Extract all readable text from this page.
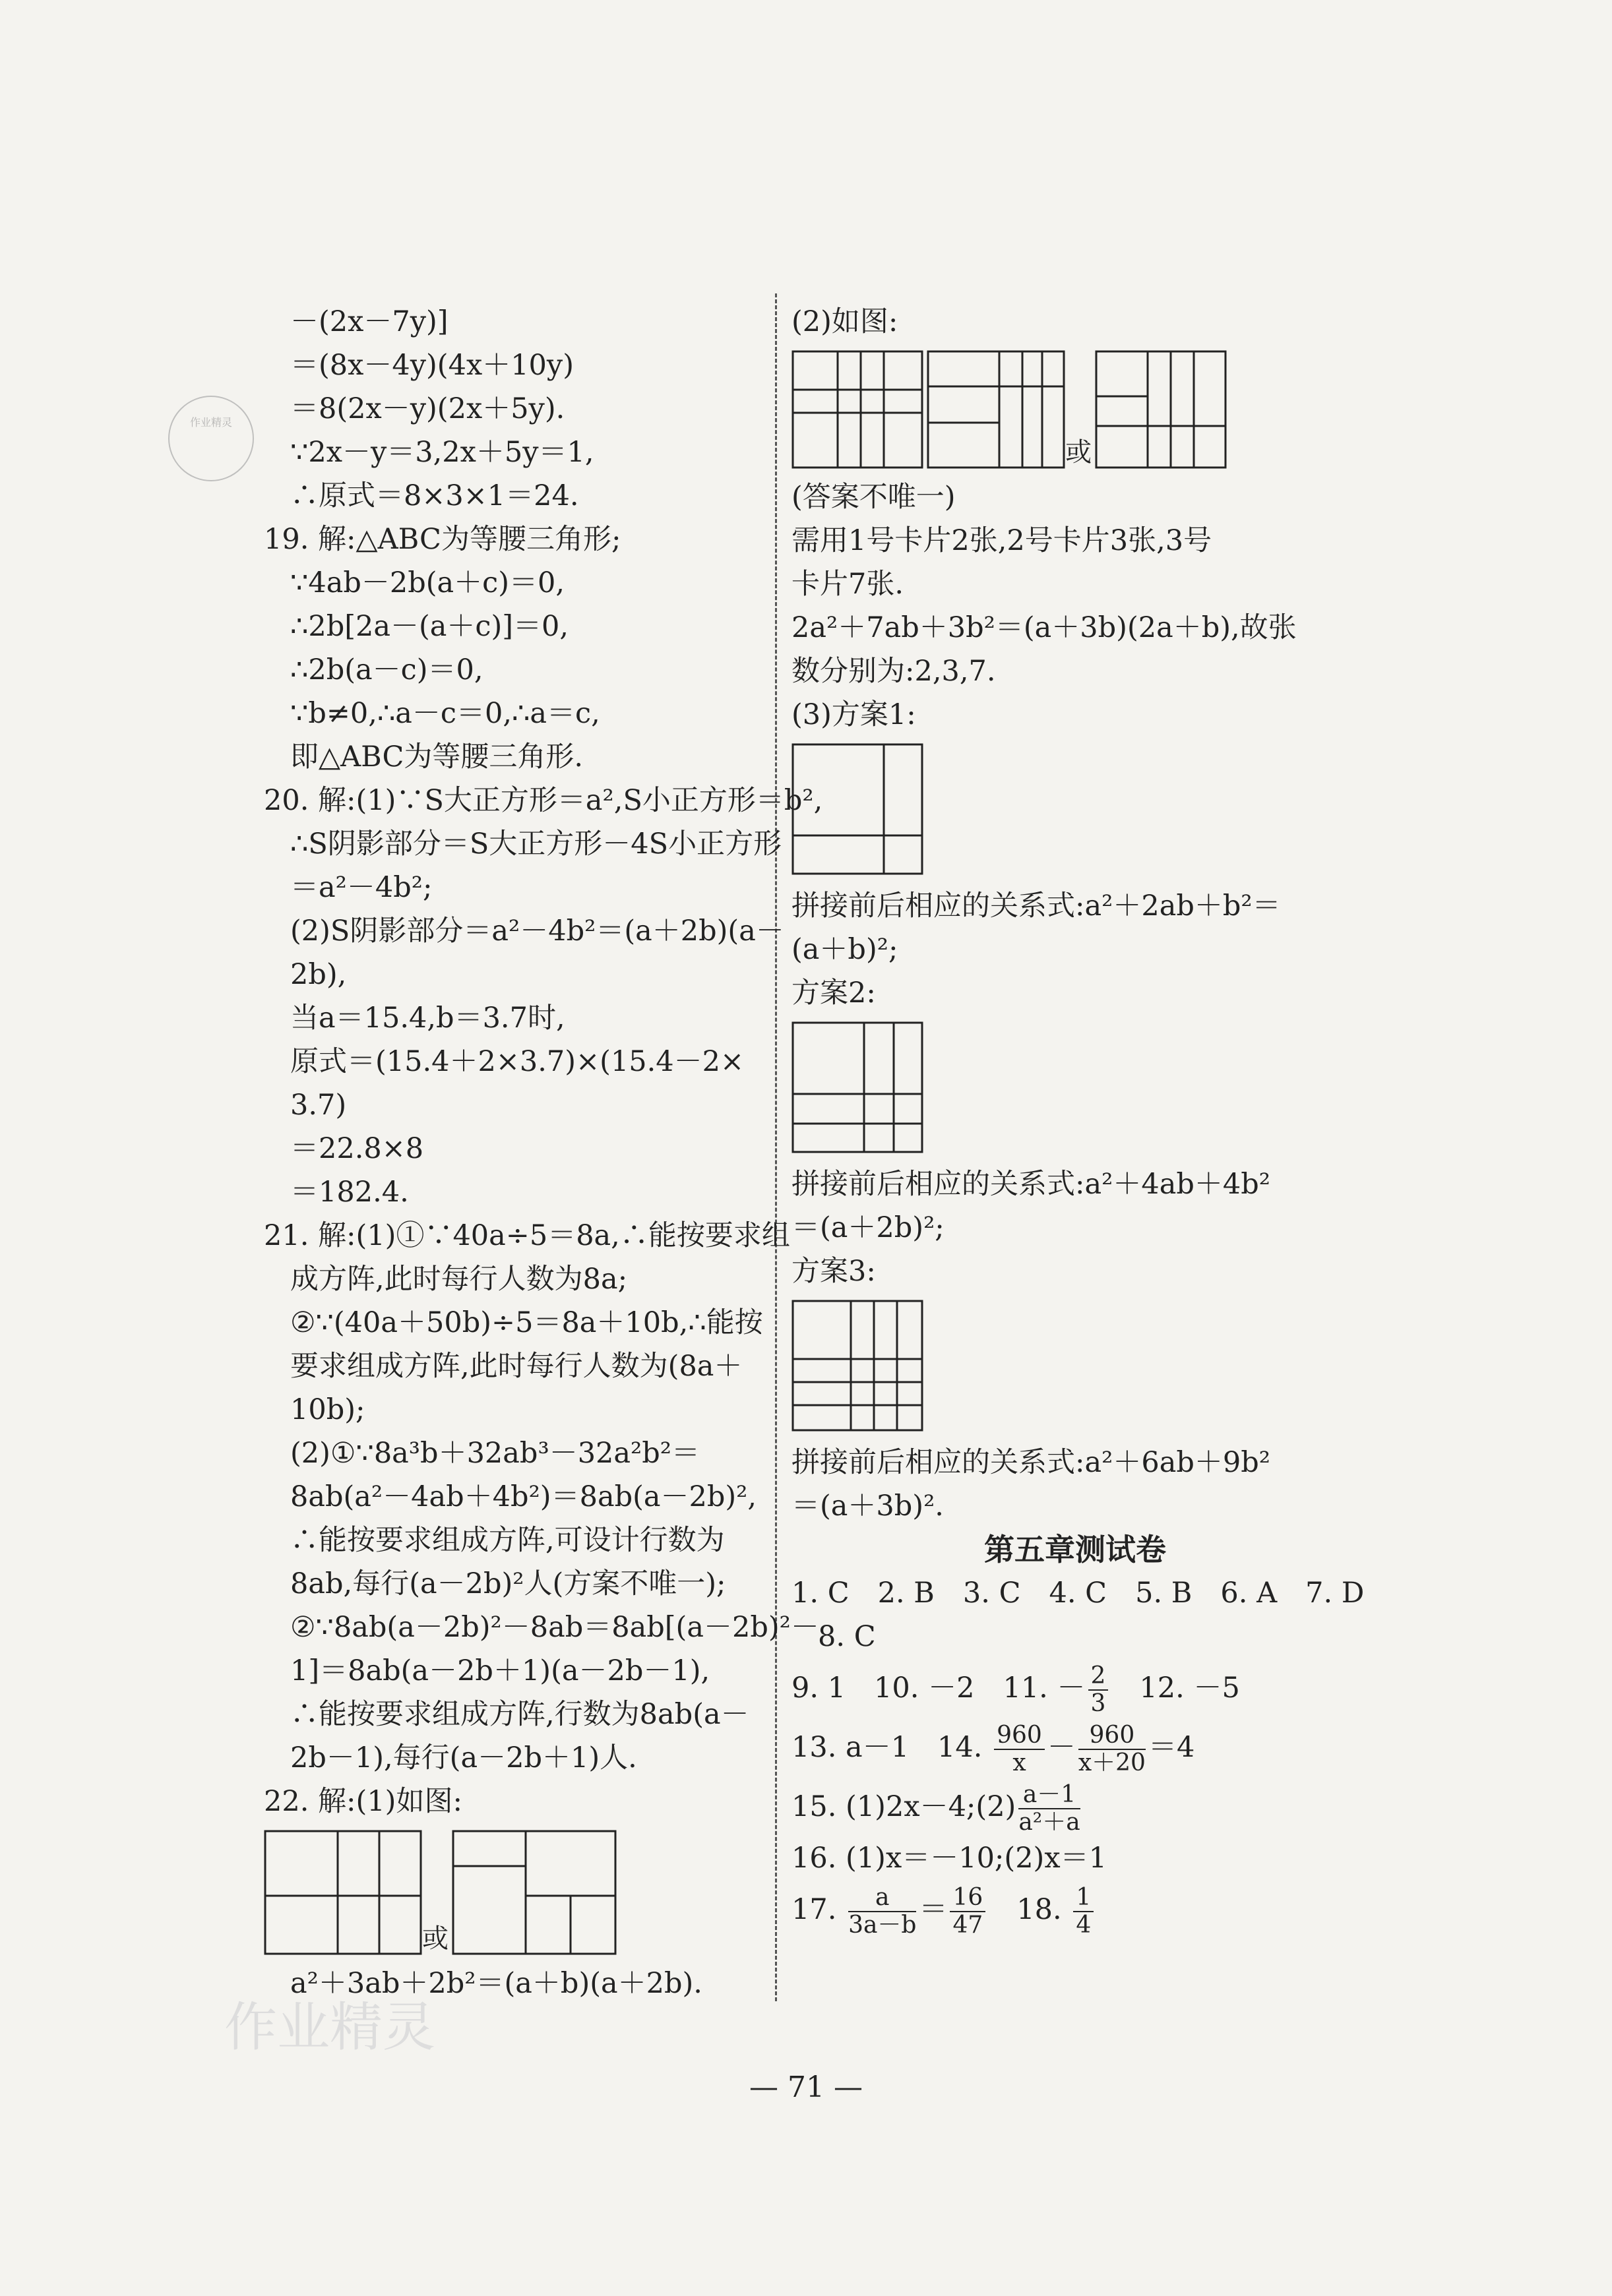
作业精灵
作业精灵
－(2x－7y)]
＝(8x－4y)(4x＋10y)
＝8(2x－y)(2x＋5y).
∵2x－y＝3,2x＋5y＝1,
∴原式＝8×3×1＝24.
19. 解:△ABC为等腰三角形;
∵4ab－2b(a＋c)＝0,
∴2b[2a－(a＋c)]＝0,
∴2b(a－c)＝0,
∵b≠0,∴a－c＝0,∴a＝c,
即△ABC为等腰三角形.
20. 解:(1)∵S大正方形＝a²,S小正方形＝b²,
∴S阴影部分＝S大正方形－4S小正方形
＝a²－4b²;
(2)S阴影部分＝a²－4b²＝(a＋2b)(a－
2b),
当a＝15.4,b＝3.7时,
原式＝(15.4＋2×3.7)×(15.4－2×
3.7)
＝22.8×8
＝182.4.
21. 解:(1)①∵40a÷5＝8a,∴能按要求组
成方阵,此时每行人数为8a;
②∵(40a＋50b)÷5＝8a＋10b,∴能按
要求组成方阵,此时每行人数为(8a＋
10b);
(2)①∵8a³b＋32ab³－32a²b²＝
8ab(a²－4ab＋4b²)＝8ab(a－2b)²,
∴能按要求组成方阵,可设计行数为
8ab,每行(a－2b)²人(方案不唯一);
②∵8ab(a－2b)²－8ab＝8ab[(a－2b)²－
1]＝8ab(a－2b＋1)(a－2b－1),
∴能按要求组成方阵,行数为8ab(a－
2b－1),每行(a－2b＋1)人.
22. 解:(1)如图:
或
a²＋3ab＋2b²＝(a＋b)(a＋2b).
(2)如图:
或
(答案不唯一)
需用1号卡片2张,2号卡片3张,3号
卡片7张.
2a²＋7ab＋3b²＝(a＋3b)(2a＋b),故张
数分别为:2,3,7.
(3)方案1:
拼接前后相应的关系式:a²＋2ab＋b²＝
(a＋b)²;
方案2:
拼接前后相应的关系式:a²＋4ab＋4b²
＝(a＋2b)²;
方案3:
拼接前后相应的关系式:a²＋6ab＋9b²
＝(a＋3b)².
第五章测试卷
1. C　2. B　3. C　4. C　5. B　6. A　7. D
8. C
9. 1　10. －2　11. － $\frac{2}{3}$ 　12. －5
13. a－1　14. $\frac{960}{x} - \frac{960}{x+20} =4$
15. (1)2x－4;(2) $\frac{a-1}{\text{a²＋a}}$
16. (1)x＝－10;(2)x＝1
17. $\frac{a}{3a-b} = \frac{16}{47}$ 　18. $\frac{1}{4}$
— 71 —
